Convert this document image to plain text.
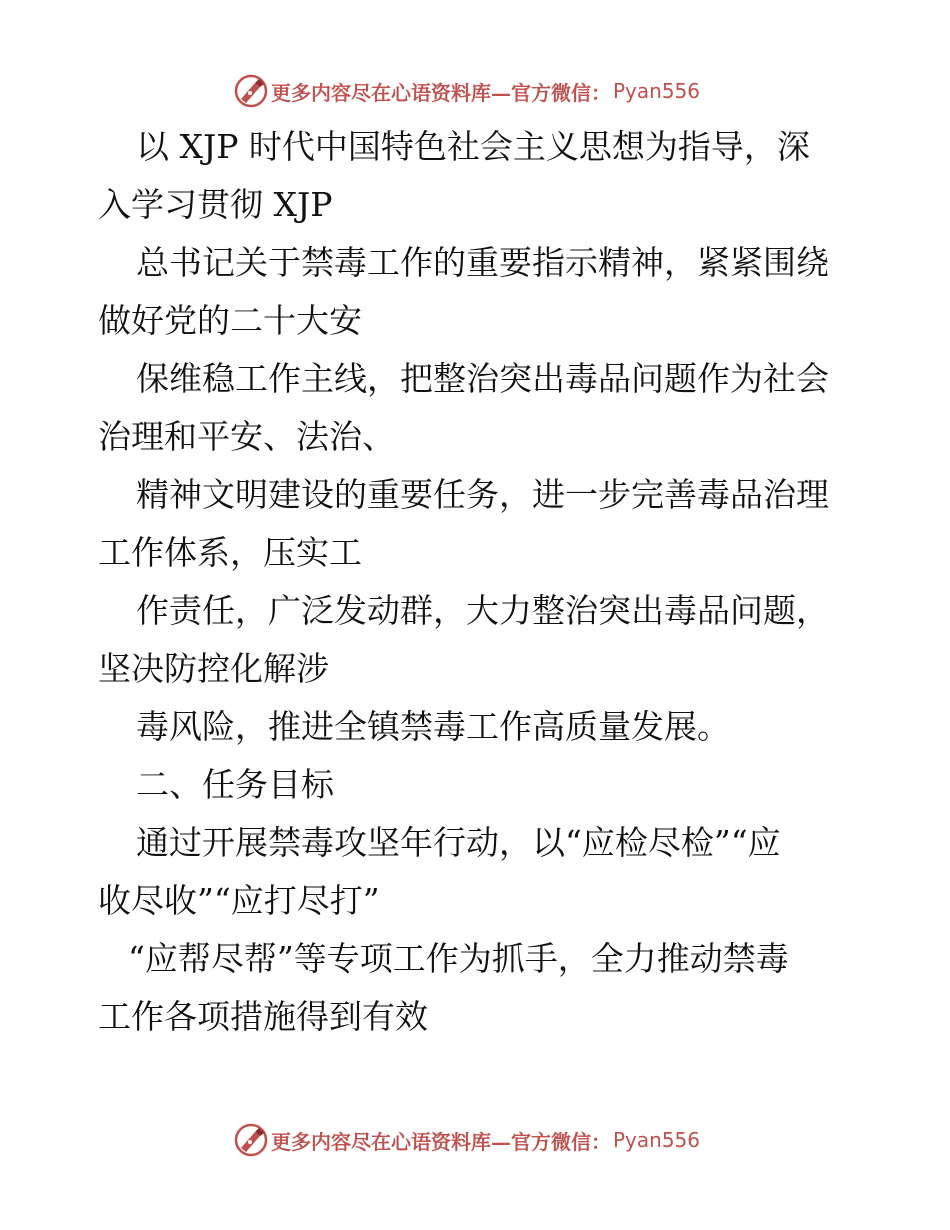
更多内容尽在心语资料库—官方微信： Pyan556
以 XJP 时代中国特色社会主义思想为指导，深
入学习贯彻 XJP
总书记关于禁毒工作的重要指示精神，紧紧围绕
做好党的二十大安
保维稳工作主线，把整治突出毒品问题作为社会
治理和平安、法治、
精神文明建设的重要任务，进一步完善毒品治理
工作体系，压实工
作责任，广泛发动群，大力整治突出毒品问题，
坚决防控化解涉
毒风险，推进全镇禁毒工作高质量发展。
二、任务目标
通过开展禁毒攻坚年行动，以“应检尽检”“应
收尽收”“应打尽打”
“应帮尽帮”等专项工作为抓手，全力推动禁毒
工作各项措施得到有效
更多内容尽在心语资料库—官方微信： Pyan556
